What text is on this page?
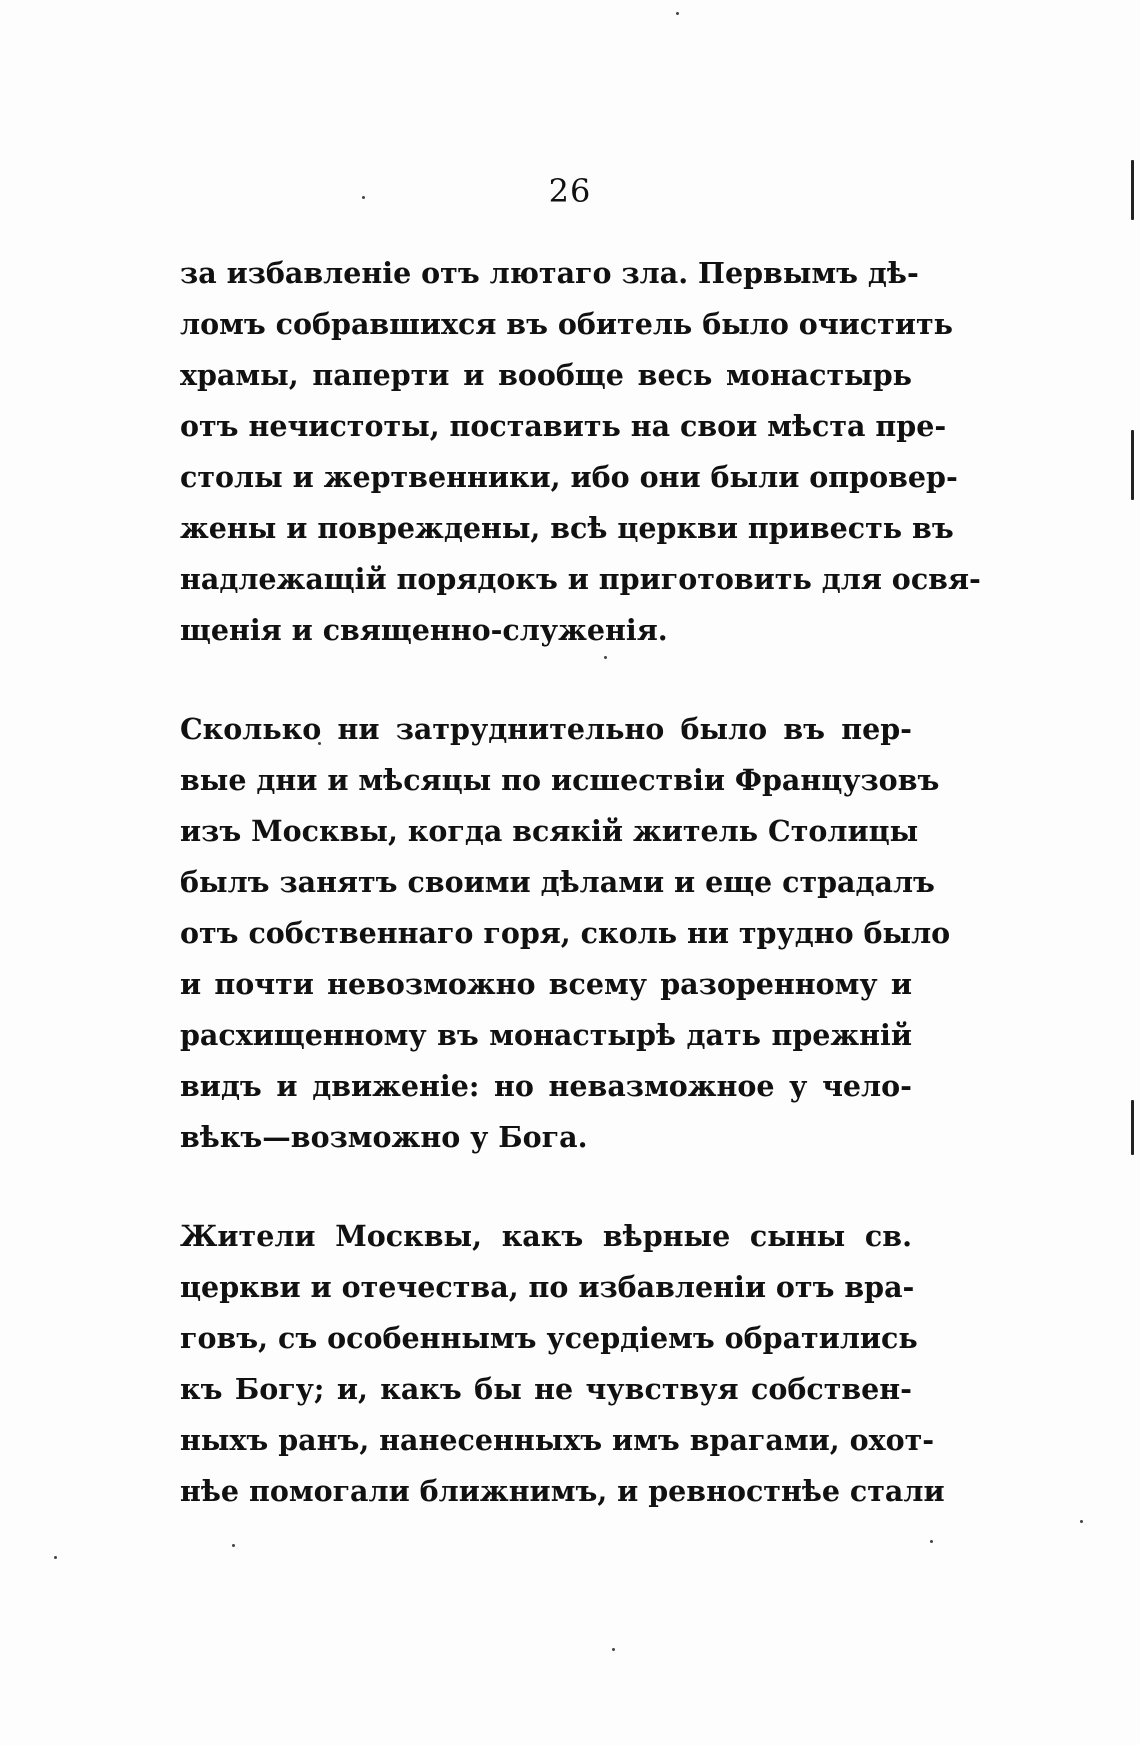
26
за избавленіе отъ лютаго зла. Первымъ дѣ-
ломъ собравшихся въ обитель было очистить
храмы, паперти и вообще весь монастырь
отъ нечистоты, поставить на свои мѣста пре-
столы и жертвенники, ибо они были опровер-
жены и повреждены, всѣ церкви привесть въ
надлежащій порядокъ и приготовить для освя-
щенія и священно-служенія.
Сколько ни затруднительно было въ пер-
вые дни и мѣсяцы по исшествіи Французовъ
изъ Москвы, когда всякій житель Столицы
былъ занятъ своими дѣлами и еще страдалъ
отъ собственнаго горя, сколь ни трудно было
и почти невозможно всему разоренному и
расхищенному въ монастырѣ дать прежній
видъ и движеніе: но невазможное у чело-
вѣкъ—возможно у Бога.
Жители Москвы, какъ вѣрные сыны св.
церкви и отечества, по избавленіи отъ вра-
говъ, съ особеннымъ усердіемъ обратились
къ Богу; и, какъ бы не чувствуя собствен-
ныхъ ранъ, нанесенныхъ имъ врагами, охот-
нѣе помогали ближнимъ, и ревностнѣе стали
